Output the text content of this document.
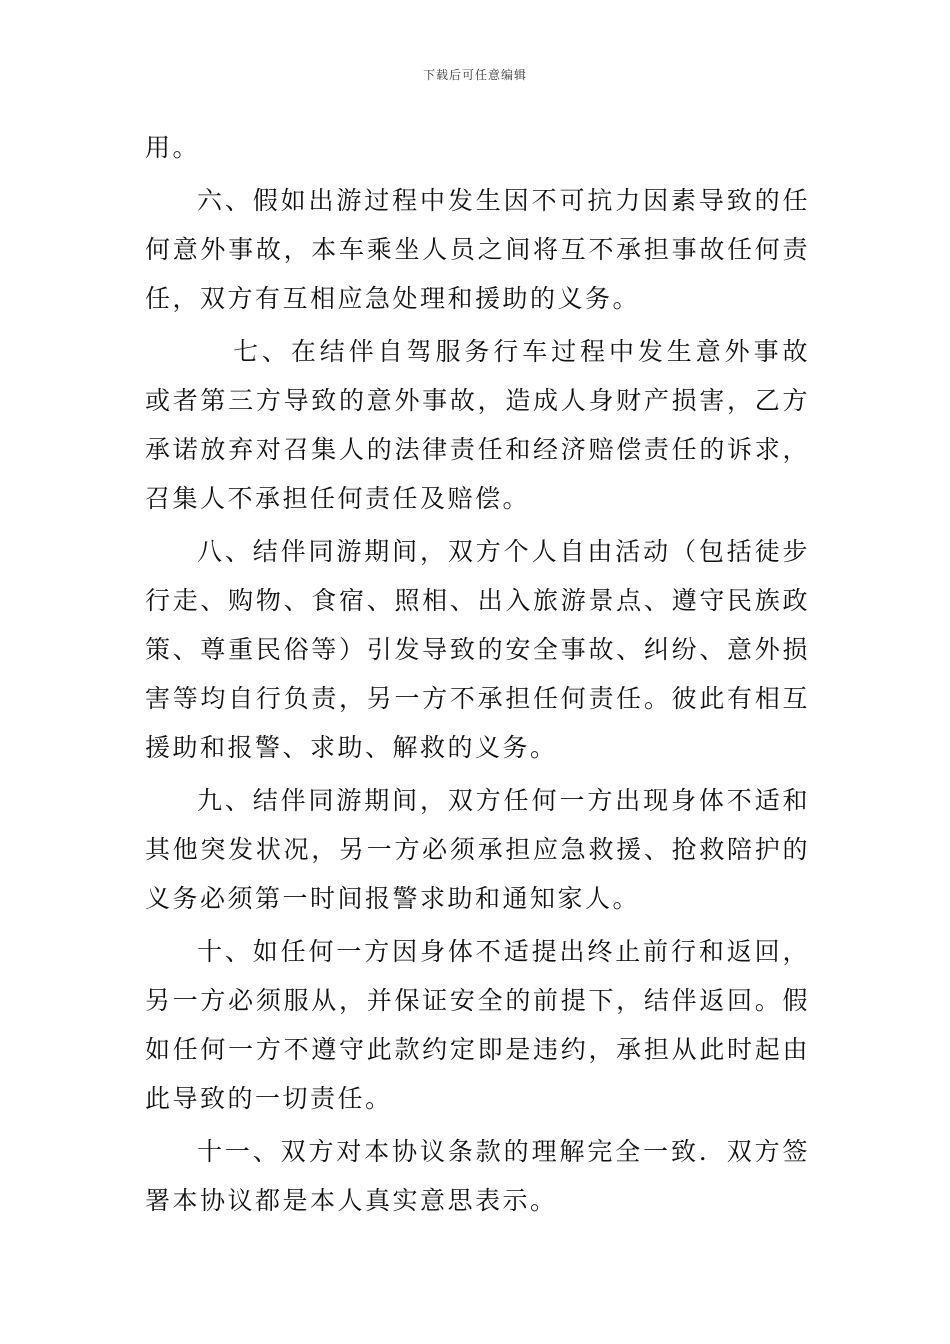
下载后可任意编辑

用。

六、假如出游过程中发生因不可抗力因素导致的任何意外事故，本车乘坐人员之间将互不承担事故任何责任，双方有互相应急处理和援助的义务。

七、在结伴自驾服务行车过程中发生意外事故或者第三方导致的意外事故，造成人身财产损害，乙方承诺放弃对召集人的法律责任和经济赔偿责任的诉求，召集人不承担任何责任及赔偿。

八、结伴同游期间，双方个人自由活动（包括徒步行走、购物、食宿、照相、出入旅游景点、遵守民族政策、尊重民俗等）引发导致的安全事故、纠纷、意外损害等均自行负责，另一方不承担任何责任。彼此有相互援助和报警、求助、解救的义务。

九、结伴同游期间，双方任何一方出现身体不适和其他突发状况，另一方必须承担应急救援、抢救陪护的义务必须第一时间报警求助和通知家人。

十、如任何一方因身体不适提出终止前行和返回，另一方必须服从，并保证安全的前提下，结伴返回。假如任何一方不遵守此款约定即是违约，承担从此时起由此导致的一切责任。

十一、双方对本协议条款的理解完全一致．双方签署本协议都是本人真实意思表示。
